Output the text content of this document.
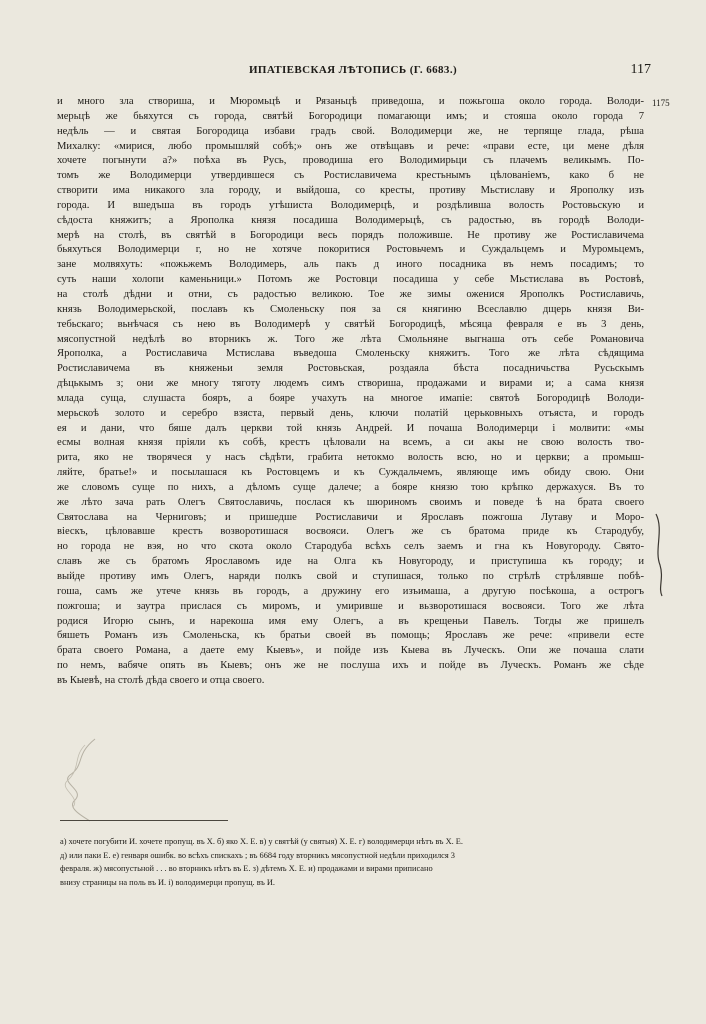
ИПАТІЕВСКАЯ ЛѢТОПИСЬ (Г. 6683.)	117
1175
и много зла створиша, и Мюромьцѣ и Рязаньцѣ приведоша, и пожьгоша около города. Володи-
мерьцѣ же бьяхутся съ города, святѣй Богородици помагающи имъ; и стояша около города 7
недѣль — и святая Богородица избави градъ свой. Володимерци же, не терпяще глада, рѣша
Михалку: «мирися, любо промышляй собѣ;» онъ же отвѣщавъ и рече: «прави есте, ци мене дѣля
хочете погынути а?» поѣха въ Русь, проводиша его Володимирьци съ плачемъ великымъ. По-
томъ же Володимерци утвердившеся съ Ростиславичема крестьнымъ цѣлованіемъ, како б не
створити има никакого зла городу, и выйдоша, со кресты, противу Мьстиславу и Ярополку изъ
города. И вшедъша въ городъ утѣшиста Володимерцѣ, и роздѣливша волость Ростовьскую и
сѣдоста княжитъ; а Ярополка князя посадиша Володимерьцѣ, съ радостью, въ городѣ Володи-
мерѣ на столѣ, въ святѣй в Богородици весь порядъ положивше. Не противу же Ростиславичема
бьяхуться Володимерци г, но не хотяче покоритися Ростовьчемъ и Суждальцемъ и Муромьцемъ,
зане молвяхуть: «пожьжемъ Володимерь, аль пакъ д иного посадника въ немъ посадимъ; то
суть наши холопи каменьници.» Потомъ же Ростовци посадиша у себе Мьстислава въ Ростовѣ,
на столѣ дѣдни и отни, съ радостью великою. Тое же зимы оженися Ярополкъ Ростиславичь,
князь Володимерьской, пославъ къ Смоленьску поя за ся княгиню Всеславлю дщерь князя Ви-
тебьскаго; вьнѣчася съ нею въ Володимерѣ у святѣй Богородицѣ, мѣсяца февраля е въ 3 день,
мясопустной недѣлѣ во вторникъ ж. Того же лѣта Смольняне выгнаша отъ себе Романовича
Ярополка, а Ростиславича Мстислава въведоша Смоленьску княжитъ. Того же лѣта сѣдящима
Ростиславичема въ княженьи земля Ростовьская, роздаяла бѣста посадничьства Русьскымъ
дѣцькымъ з; они же многу тяготу людемъ симъ створиша, продажами и вирами и; а сама князя
млада суща, слушаста бояръ, а бояре учахуть на многое имапіе: святоѣ Богородицѣ Володи-
мерьскоѣ золото и серебро взяста, первый день, ключи полатій церьковныхъ отъяста, и городъ
ея и дани, что бяше далъ церкви той князь Андрей. И почаша Володимерци і молвити: «мы
есмы волная князя прiяли къ собѣ, крестъ цѣловали на всемъ, а си акы не свою волость тво-
рита, яко не творячеся у насъ сѣдѣти, грабита нетокмо волость всю, но и церкви; а промыш-
ляйте, братье!» и посылашася къ Ростовцемъ и къ Суждальчемъ, являюще имъ обиду свою. Они
же словомъ суще по нихъ, а дѣломъ суще далече; а бояре князю тою крѣпко держахуся. Въ то
же лѣто зача рать Олегъ Святославичь, послася къ шюриномъ своимъ и поведе ѣ на брата своего
Святослава на Черниговъ; и пришедше Ростиславичи и Ярославъ пожгоша Лутаву и Моро-
віескъ, цѣловавше крестъ возворотишася восвояси. Олегъ же съ братома приде къ Стародубу,
но города не вэя, но что скота около Стародуба всѣхъ селъ заемъ и гна къ Новугороду. Свято-
славъ же съ братомъ Ярославомъ иде на Олга къ Новугороду, и приступиша къ городу; и
выйде противу имъ Олегъ, наряди полкъ свой и ступишася, только по стрѣлѣ стрѣлявше побѣ-
гоша, самъ же утече князь въ городъ, а дружину его изъимаша, а другую посѣкоша, а острогъ
пожгоша; и заутра прислася съ миромъ, и умиривше и вьзворотишася восвояси. Того же лѣта
родися Игорю сынъ, и нарекоша имя ему Олегъ, а въ крещеньи Павелъ. Тогды же пришелъ
бяшеть Романъ изъ Смоленьска, къ братьи своей въ помощь; Ярославъ же рече: «привели есте
брата своего Романа, а даете ему Кыевъ», и пойде изъ Кыева въ Луческъ. Опи же почаша слати
по немъ, вабяче опять въ Кыевъ; онъ же не послуша ихъ и пойде въ Луческъ. Романъ же сѣде
въ Кыевѣ, на столѣ дѣда своего и отца своего.
а) хочете погубити И. хочете пропущ. въ Х. б) яко Х. Е. в) у святѣй (у святыя) Х. Е. г) володимерци нѣтъ въ Х. Е.
д) или паки Е. е) генваря ошибк. во всѣхъ спискахъ ; въ 6684 году вторникъ мясопустной недѣли приходился 3
февраля. ж) мясопустьной . . . во вторникъ нѣтъ въ Е. з) дѣтемъ Х. Е. и) продажами и вирами приписано
внизу страницы на поль въ И. і) володимерци пропущ. въ И.
